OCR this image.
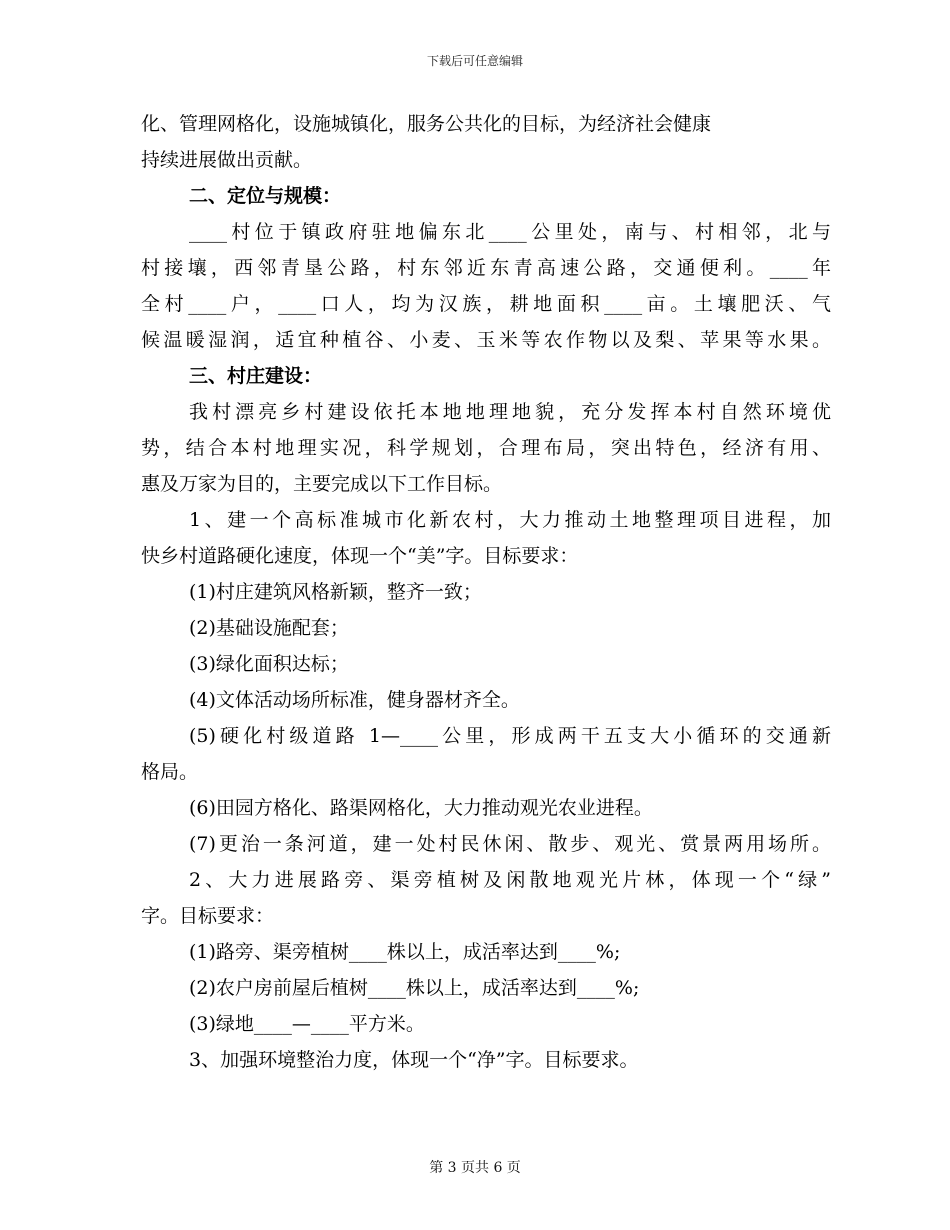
下载后可任意编辑
化、管理网格化，设施城镇化，服务公共化的目标，为经济社会健康
持续进展做出贡献。
二、定位与规模：
____村位于镇政府驻地偏东北____公里处，南与、村相邻，北与
村接壤，西邻青垦公路，村东邻近东青高速公路，交通便利。____年
全村____户，____口人，均为汉族，耕地面积____亩。土壤肥沃、气
候温暖湿润，适宜种植谷、小麦、玉米等农作物以及梨、苹果等水果。
三、村庄建设：
我村漂亮乡村建设依托本地地理地貌，充分发挥本村自然环境优
势，结合本村地理实况，科学规划，合理布局，突出特色，经济有用、
惠及万家为目的，主要完成以下工作目标。
1、建一个高标准城市化新农村，大力推动土地整理项目进程，加
快乡村道路硬化速度，体现一个“美”字。目标要求：
(1)村庄建筑风格新颖，整齐一致；
(2)基础设施配套；
(3)绿化面积达标；
(4)文体活动场所标准，健身器材齐全。
(5)硬化村级道路 1—____公里，形成两干五支大小循环的交通新
格局。
(6)田园方格化、路渠网格化，大力推动观光农业进程。
(7)更治一条河道，建一处村民休闲、散步、观光、赏景两用场所。
2、大力进展路旁、渠旁植树及闲散地观光片林，体现一个“绿”
字。目标要求：
(1)路旁、渠旁植树____株以上，成活率达到____%;
(2)农户房前屋后植树____株以上，成活率达到____%;
(3)绿地____—____平方米。
3、加强环境整治力度，体现一个“净”字。目标要求。
第 3 页共 6 页
